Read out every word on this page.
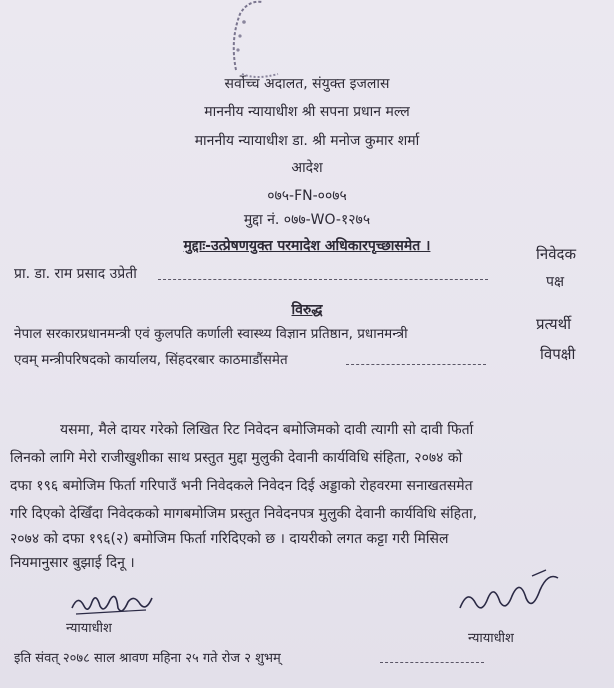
सर्वोच्च अदालत, संयुक्त इजलास
माननीय न्यायाधीश श्री सपना प्रधान मल्ल
माननीय न्यायाधीश डा. श्री मनोज कुमार शर्मा
आदेश
०७५-FN-००७५
मुद्दा नं. ०७७-WO-१२७५
मुद्दाः-उत्प्रेषणयुक्त परमादेश अधिकारपृच्छासमेत ।	निवेदक
प्रा. डा. राम प्रसाद उप्रेती	पक्ष
विरुद्ध
नेपाल सरकारप्रधानमन्त्री एवं कुलपति कर्णाली स्वास्थ्य विज्ञान प्रतिष्ठान, प्रधानमन्त्री
प्रत्यर्थी
एवम् मन्त्रीपरिषदको कार्यालय, सिंहदरबार काठमाडौंसमेत	विपक्षी
यसमा, मैले दायर गरेको लिखित रिट निवेदन बमोजिमको दावी त्यागी सो दावी फिर्ता
लिनको लागि मेरो राजीखुशीका साथ प्रस्तुत मुद्दा मुलुकी देवानी कार्यविधि संहिता, २०७४ को
दफा १९६ बमोजिम फिर्ता गरिपाउँ भनी निवेदकले निवेदन दिई अड्डाको रोहवरमा सनाखतसमेत
गरि दिएकाे देखिँदा निवेदकको मागबमोजिम प्रस्तुत निवेदनपत्र मुलुकी देवानी कार्यविधि संहिता,
२०७४ को दफा १९६(२) बमोजिम फिर्ता गरिदिएको छ । दायरीको लगत कट्टा गरी मिसिल
नियमानुसार बुझाई दिनू ।
न्यायाधीश
न्यायाधीश
इति संवत् २०७८ साल श्रावण महिना २५ गते रोज २ शुभम्
